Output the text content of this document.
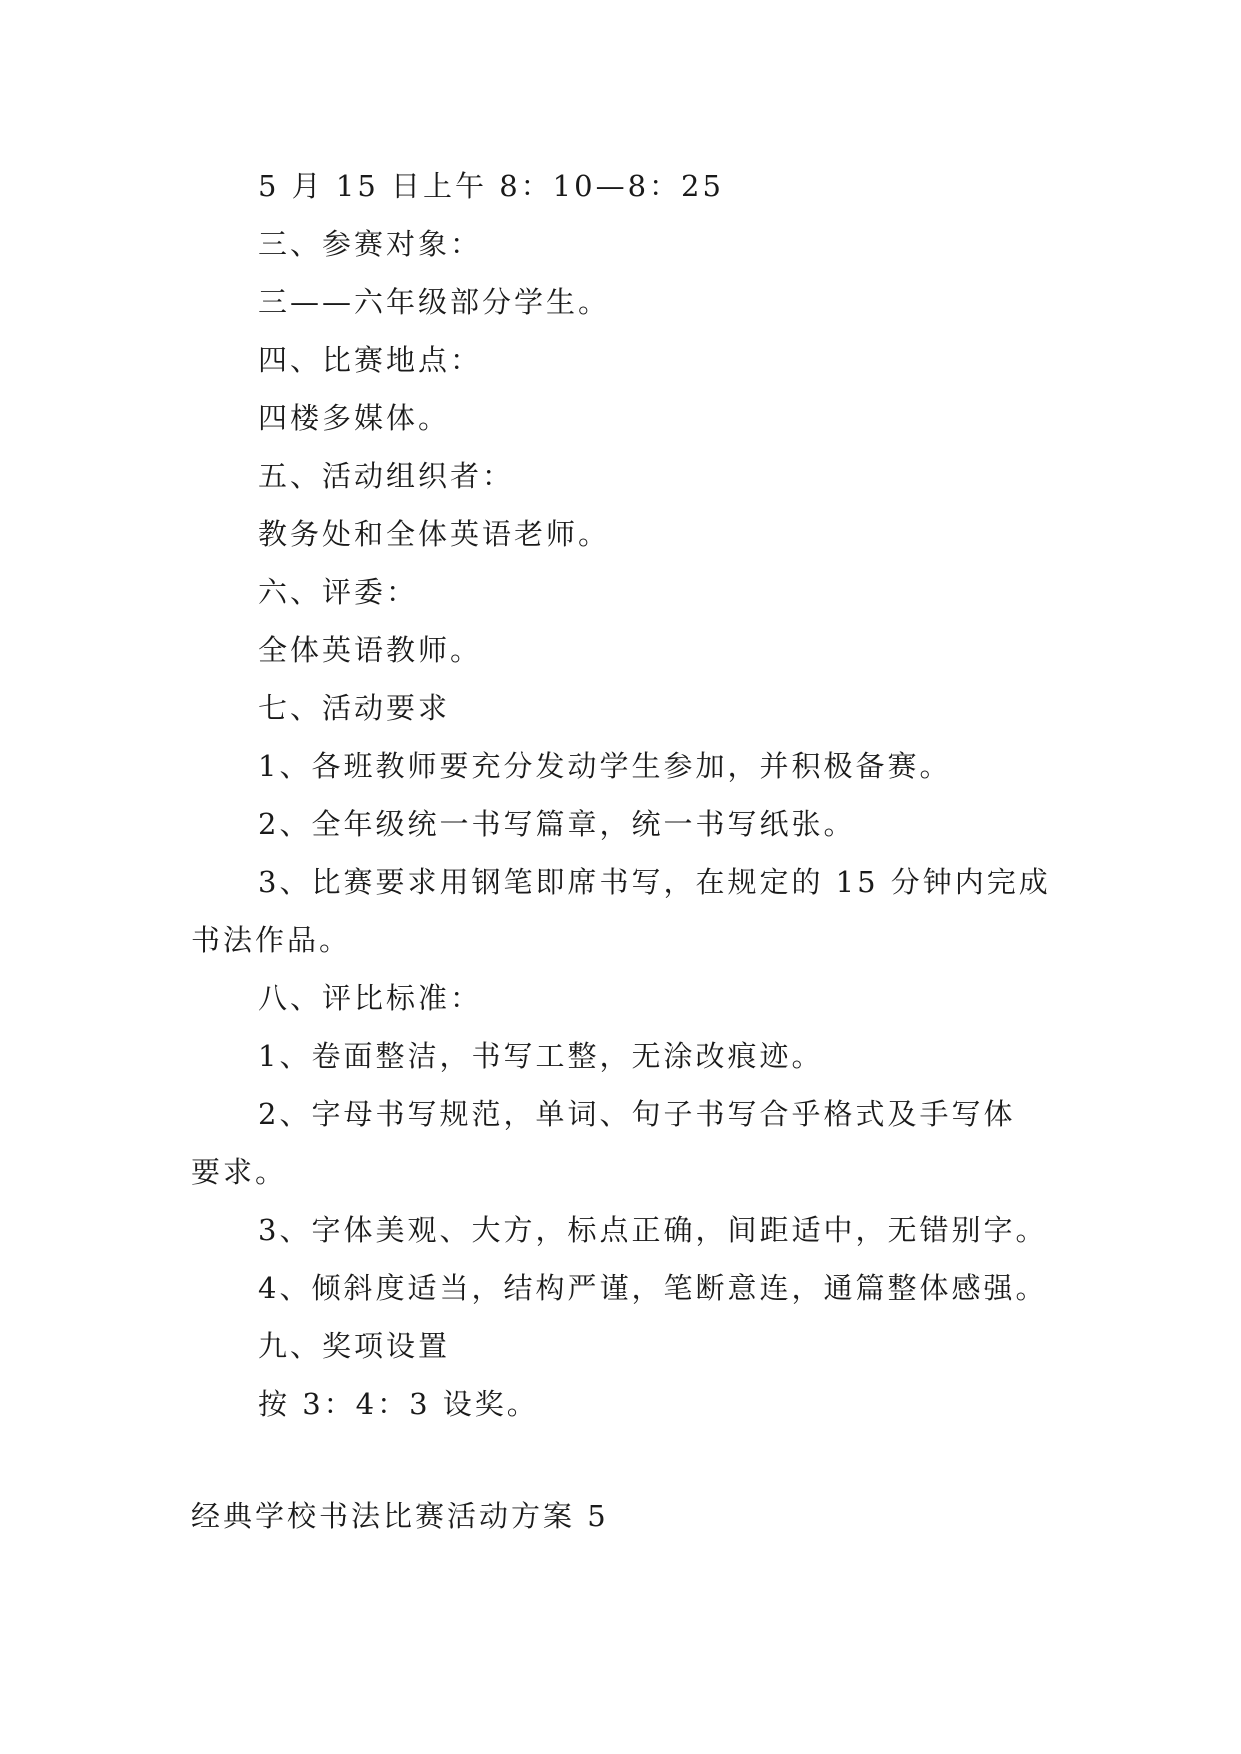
5 月 15 日上午 8：10—8：25

三、参赛对象：

三——六年级部分学生。

四、比赛地点：

四楼多媒体。

五、活动组织者：

教务处和全体英语老师。

六、评委：

全体英语教师。

七、活动要求

1、各班教师要充分发动学生参加，并积极备赛。

2、全年级统一书写篇章，统一书写纸张。

3、比赛要求用钢笔即席书写，在规定的 15 分钟内完成

书法作品。

八、评比标准：

1、卷面整洁，书写工整，无涂改痕迹。

2、字母书写规范，单词、句子书写合乎格式及手写体

要求。

3、字体美观、大方，标点正确，间距适中，无错别字。

4、倾斜度适当，结构严谨，笔断意连，通篇整体感强。

九、奖项设置

按 3：4：3 设奖。

经典学校书法比赛活动方案 5
